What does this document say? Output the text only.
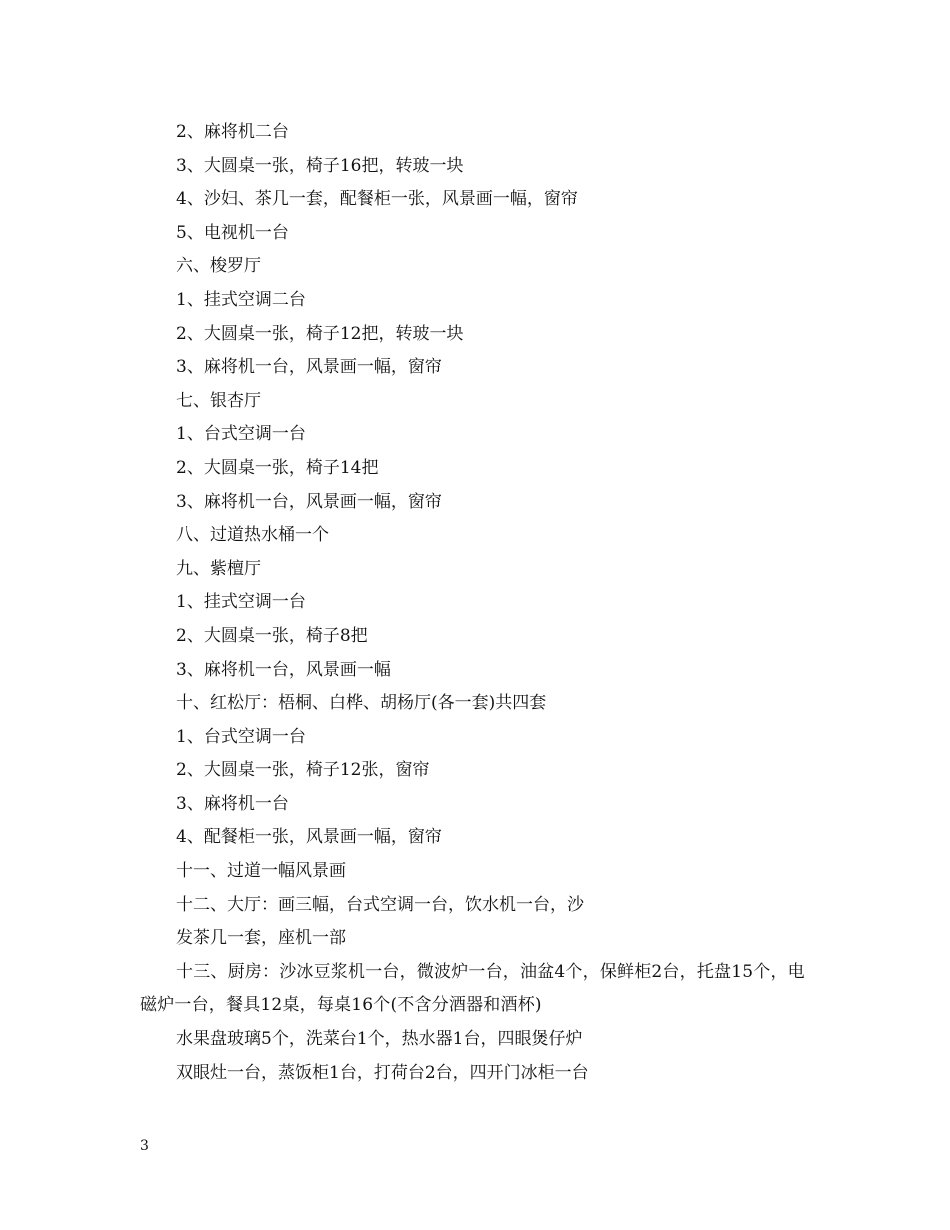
2、麻将机二台
3、大圆桌一张，椅子16把，转玻一块
4、沙妇、茶几一套，配餐柜一张，风景画一幅，窗帘
5、电视机一台
六、梭罗厅
1、挂式空调二台
2、大圆桌一张，椅子12把，转玻一块
3、麻将机一台，风景画一幅，窗帘
七、银杏厅
1、台式空调一台
2、大圆桌一张，椅子14把
3、麻将机一台，风景画一幅，窗帘
八、过道热水桶一个
九、紫檀厅
1、挂式空调一台
2、大圆桌一张，椅子8把
3、麻将机一台，风景画一幅
十、红松厅：梧桐、白桦、胡杨厅(各一套)共四套
1、台式空调一台
2、大圆桌一张，椅子12张，窗帘
3、麻将机一台
4、配餐柜一张，风景画一幅，窗帘
十一、过道一幅风景画
十二、大厅：画三幅，台式空调一台，饮水机一台，沙
发茶几一套，座机一部
十三、厨房：沙冰豆浆机一台，微波炉一台，油盆4个，保鲜柜2台，托盘15个，电磁炉一台，餐具12桌，每桌16个(不含分酒器和酒杯)
水果盘玻璃5个，洗菜台1个，热水器1台，四眼煲仔炉
双眼灶一台，蒸饭柜1台，打荷台2台，四开门冰柜一台
3
